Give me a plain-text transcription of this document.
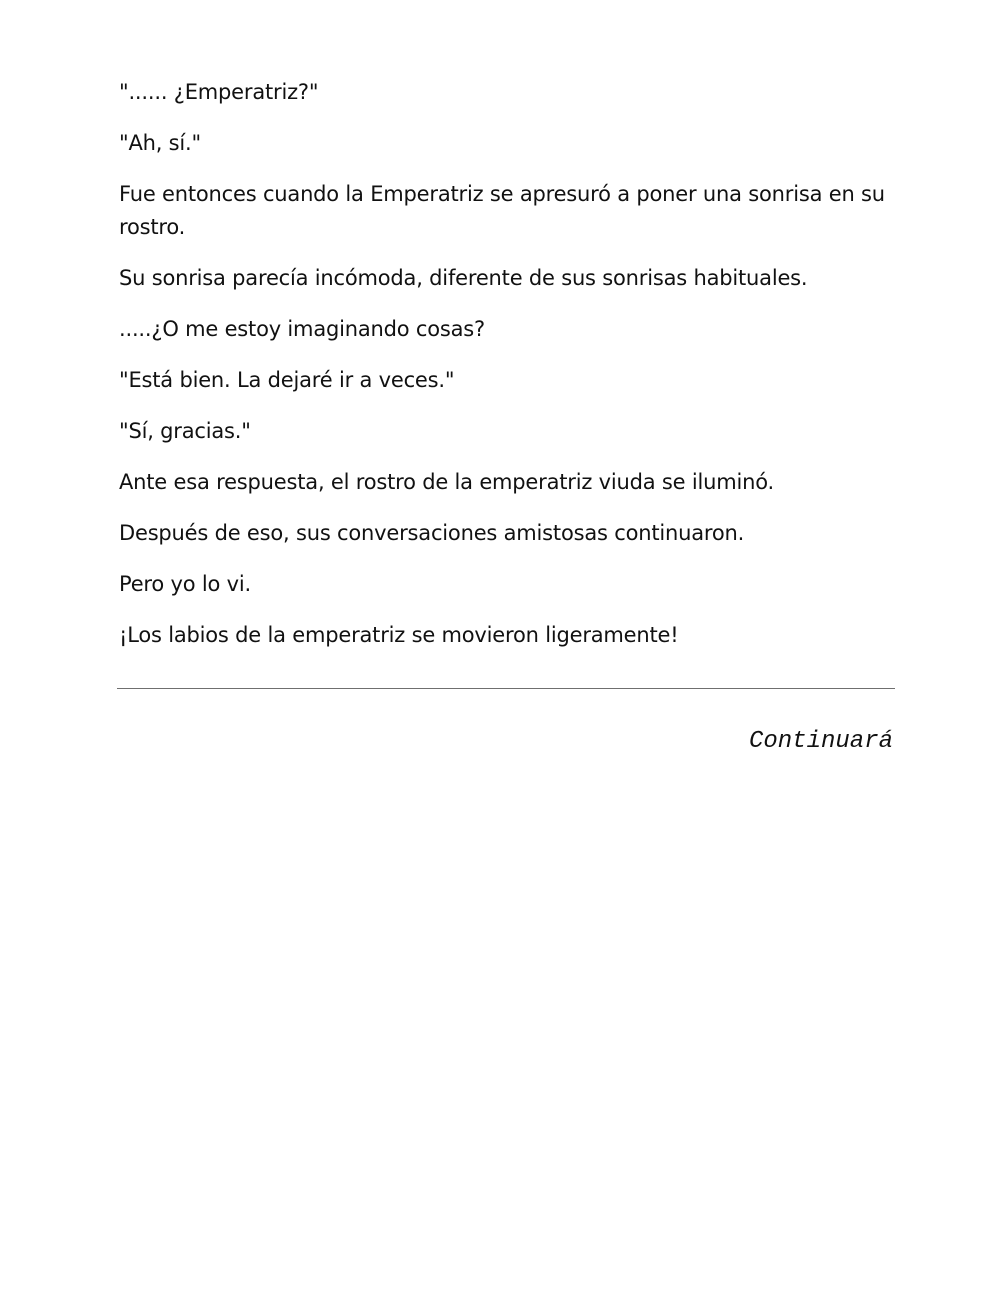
"...... ¿Emperatriz?"

"Ah, sí."

Fue entonces cuando la Emperatriz se apresuró a poner una sonrisa en su rostro.

Su sonrisa parecía incómoda, diferente de sus sonrisas habituales.

.....¿O me estoy imaginando cosas?

"Está bien. La dejaré ir a veces."

"Sí, gracias."

Ante esa respuesta, el rostro de la emperatriz viuda se iluminó.

Después de eso, sus conversaciones amistosas continuaron.

Pero yo lo vi.

¡Los labios de la emperatriz se movieron ligeramente!

Continuará
